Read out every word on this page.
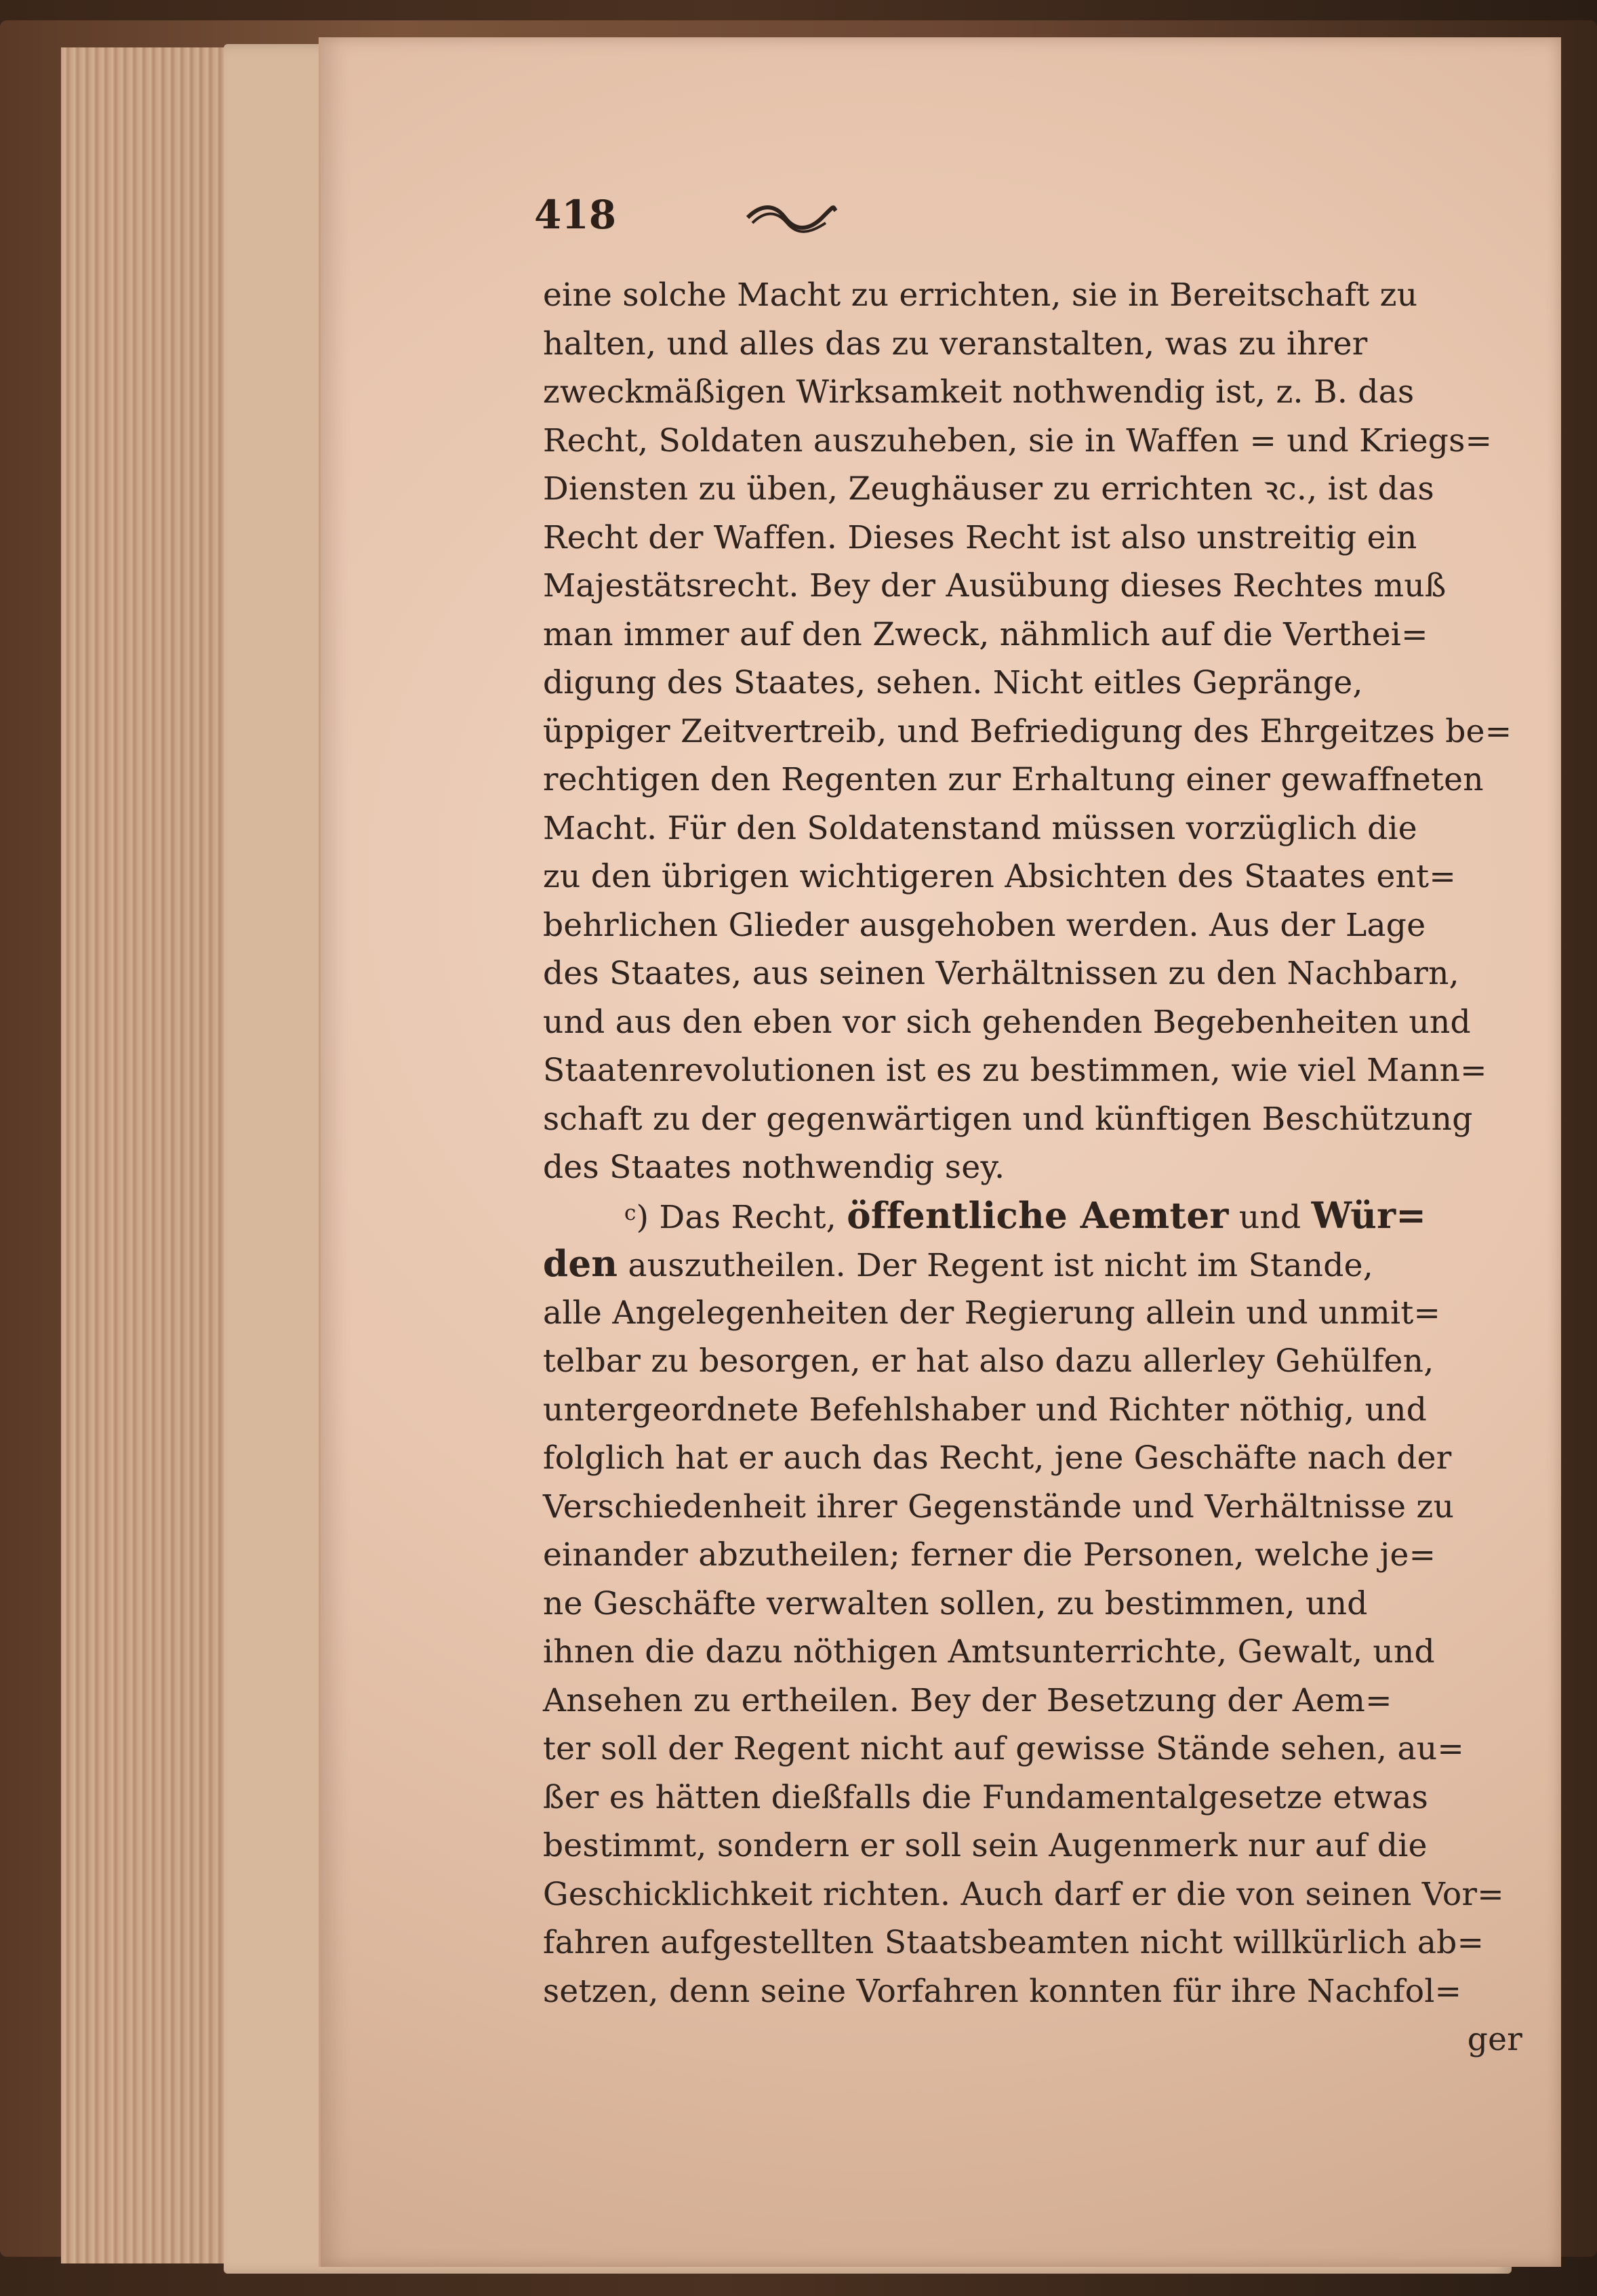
418
eine solche Macht zu errichten, sie in Bereitschaft zu
halten, und alles das zu veranstalten, was zu ihrer
zweckmäßigen Wirksamkeit nothwendig ist, z. B. das
Recht, Soldaten auszuheben, sie in Waffen = und Kriegs=
Diensten zu üben, Zeughäuser zu errichten ꝛc., ist das
Recht der Waffen. Dieses Recht ist also unstreitig ein
Majestätsrecht. Bey der Ausübung dieses Rechtes muß
man immer auf den Zweck, nähmlich auf die Verthei=
digung des Staates, sehen. Nicht eitles Gepränge,
üppiger Zeitvertreib, und Befriedigung des Ehrgeitzes be=
rechtigen den Regenten zur Erhaltung einer gewaffneten
Macht. Für den Soldatenstand müssen vorzüglich die
zu den übrigen wichtigeren Absichten des Staates ent=
behrlichen Glieder ausgehoben werden. Aus der Lage
des Staates, aus seinen Verhältnissen zu den Nachbarn,
und aus den eben vor sich gehenden Begebenheiten und
Staatenrevolutionen ist es zu bestimmen, wie viel Mann=
schaft zu der gegenwärtigen und künftigen Beschützung
des Staates nothwendig sey.
$^c$) Das Recht, öffentliche Aemter und Wür=
den auszutheilen. Der Regent ist nicht im Stande,
alle Angelegenheiten der Regierung allein und unmit=
telbar zu besorgen, er hat also dazu allerley Gehülfen,
untergeordnete Befehlshaber und Richter nöthig, und
folglich hat er auch das Recht, jene Geschäfte nach der
Verschiedenheit ihrer Gegenstände und Verhältnisse zu
einander abzutheilen; ferner die Personen, welche je=
ne Geschäfte verwalten sollen, zu bestimmen, und
ihnen die dazu nöthigen Amtsunterrichte, Gewalt, und
Ansehen zu ertheilen. Bey der Besetzung der Aem=
ter soll der Regent nicht auf gewisse Stände sehen, au=
ßer es hätten dießfalls die Fundamentalgesetze etwas
bestimmt, sondern er soll sein Augenmerk nur auf die
Geschicklichkeit richten. Auch darf er die von seinen Vor=
fahren aufgestellten Staatsbeamten nicht willkürlich ab=
setzen, denn seine Vorfahren konnten für ihre Nachfol=
ger
